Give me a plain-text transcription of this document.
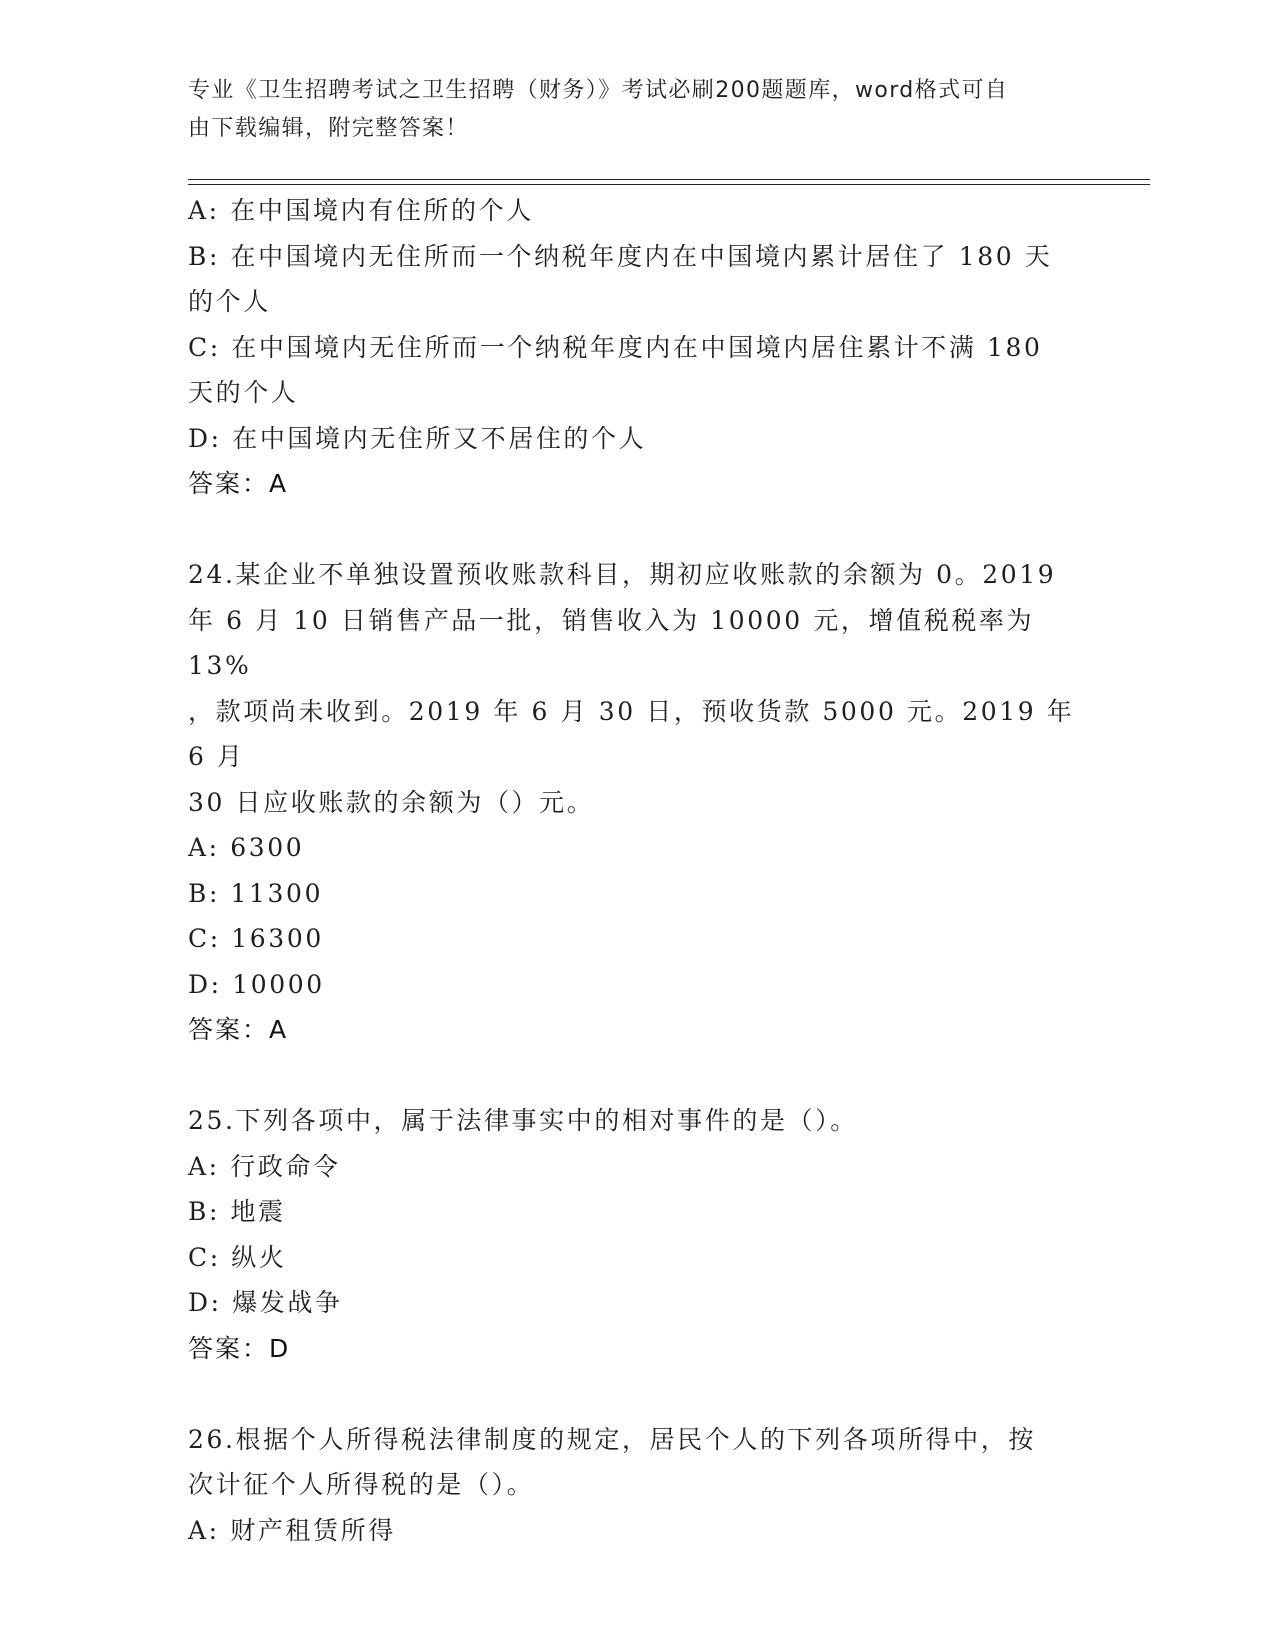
专业《卫生招聘考试之卫生招聘（财务）》考试必刷200题题库，word格式可自
由下载编辑，附完整答案！
A: 在中国境内有住所的个人
B: 在中国境内无住所而一个纳税年度内在中国境内累计居住了 180 天
的个人
C: 在中国境内无住所而一个纳税年度内在中国境内居住累计不满 180
天的个人
D: 在中国境内无住所又不居住的个人
答案：A
24.某企业不单独设置预收账款科目，期初应收账款的余额为 0。2019
年 6 月 10 日销售产品一批，销售收入为 10000 元，增值税税率为 13%
，款项尚未收到。2019 年 6 月 30 日，预收货款 5000 元。2019 年 6 月
30 日应收账款的余额为（）元。
A: 6300
B: 11300
C: 16300
D: 10000
答案：A
25.下列各项中，属于法律事实中的相对事件的是（）。
A: 行政命令
B: 地震
C: 纵火
D: 爆发战争
答案：D
26.根据个人所得税法律制度的规定，居民个人的下列各项所得中，按
次计征个人所得税的是（）。
A: 财产租赁所得
